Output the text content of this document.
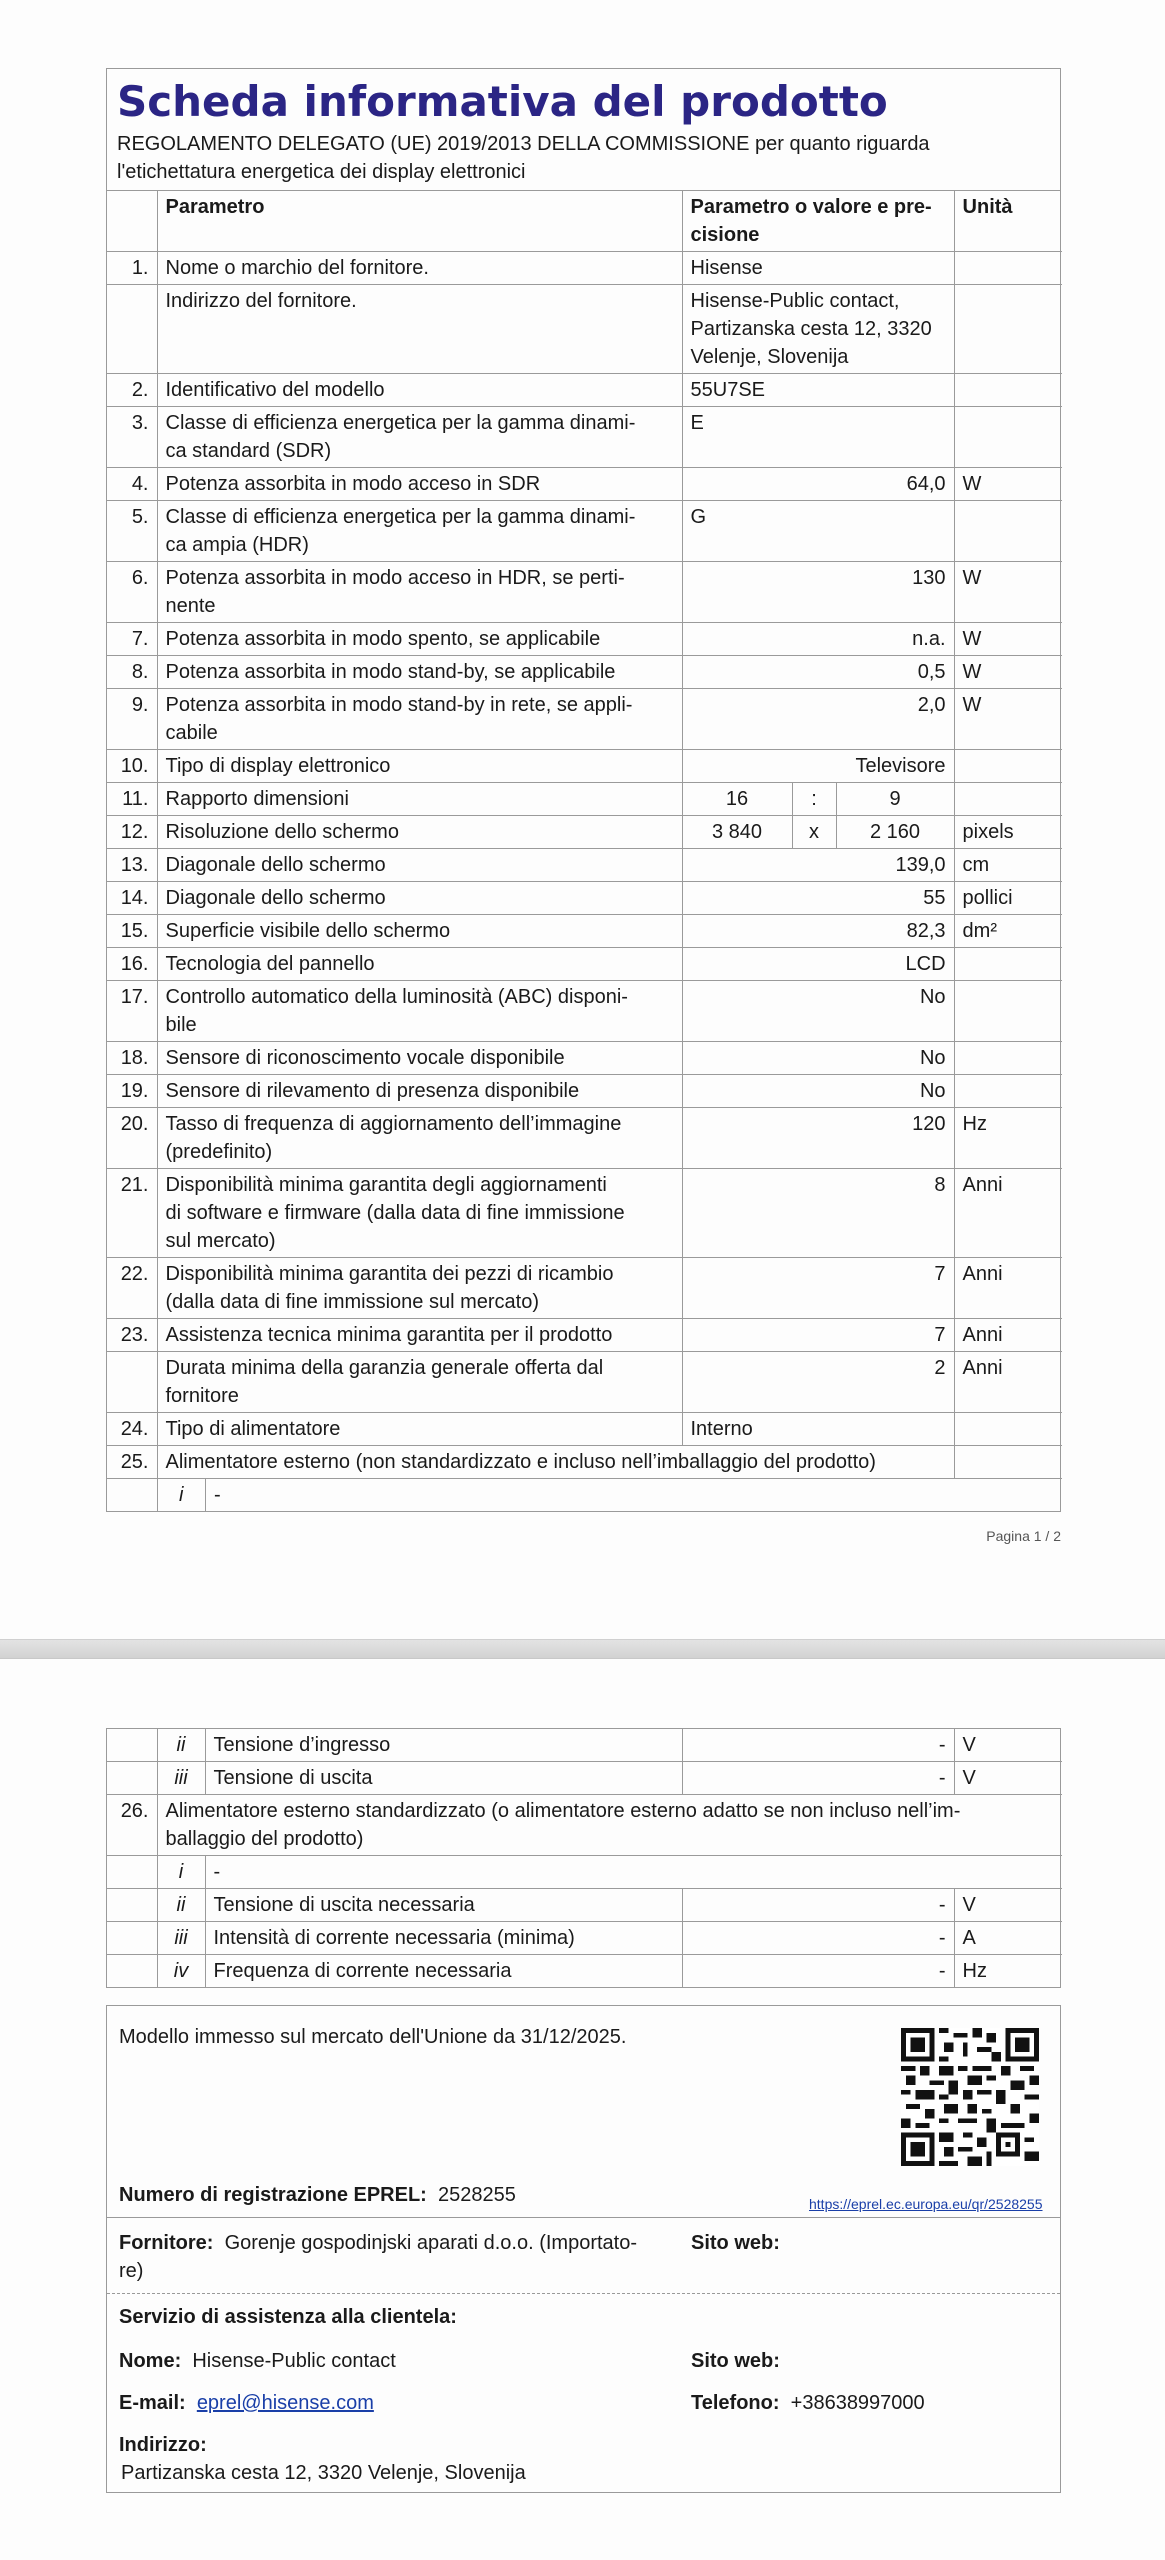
Scheda informativa del prodotto
REGOLAMENTO DELEGATO (UE) 2019/2013 DELLA COMMISSIONE per quanto riguarda
l'etichettatura energetica dei display elettronici
	Parametro	Parametro o valore e pre-
cisione
	Unità
1.	Nome o marchio del fornitore.	Hisense	
	Indirizzo del fornitore.	Hisense-Public contact,
Partizanska cesta 12, 3320
Velenje, Slovenija

2.	Identificativo del modello	55U7SE	
3.	Classe di efficienza energetica per la gamma dinami-
ca standard (SDR)
	E	
4.	Potenza assorbita in modo acceso in SDR	64,0	W
5.	Classe di efficienza energetica per la gamma dinami-
ca ampia (HDR)
	G	
6.	Potenza assorbita in modo acceso in HDR, se perti-
nente
	130	W
7.	Potenza assorbita in modo spento, se applicabile	n.a.	W
8.	Potenza assorbita in modo stand-by, se applicabile	0,5	W
9.	Potenza assorbita in modo stand-by in rete, se appli-
cabile
	2,0	W
10.	Tipo di display elettronico	Televisore	
11.	Rapporto dimensioni	16	:	9	
12.	Risoluzione dello schermo	3 840	x	2 160	pixels
13.	Diagonale dello schermo	139,0	cm
14.	Diagonale dello schermo	55	pollici
15.	Superficie visibile dello schermo	82,3	dm²
16.	Tecnologia del pannello	LCD	
17.	Controllo automatico della luminosità (ABC) disponi-
bile
	No	
18.	Sensore di riconoscimento vocale disponibile	No	
19.	Sensore di rilevamento di presenza disponibile	No	
20.	Tasso di frequenza di aggiornamento dell’immagine
(predefinito)
	120	Hz
21.	Disponibilità minima garantita degli aggiornamenti
di software e firmware (dalla data di fine immissione
sul mercato)
	8	Anni
22.	Disponibilità minima garantita dei pezzi di ricambio
(dalla data di fine immissione sul mercato)
	7	Anni
23.	Assistenza tecnica minima garantita per il prodotto	7	Anni

Durata minima della garanzia generale offerta dal
fornitore
	2	Anni
24.	Tipo di alimentatore	Interno	
25.	Alimentatore esterno (non standardizzato e incluso nell’imballaggio del prodotto)	

i	-
Pagina 1 / 2
	ii	Tensione d’ingresso	-	V
	iii	Tensione di uscita	-	V
26.	Alimentatore esterno standardizzato (o alimentatore esterno adatto se non incluso nell’im-
ballaggio del prodotto)			

	i	-		
	ii	Tensione di uscita necessaria	-	V
	iii	Intensità di corrente necessaria (minima)	-	A
	iv	Frequenza di corrente necessaria	-	Hz
Modello immesso sul mercato dell'Unione da 31/12/2025.
Numero di registrazione EPREL: 2528255	https://eprel.ec.europa.eu/qr/2528255
Fornitore: Gorenje gospodinjski aparati d.o.o. (Importato-
re)
Sito web:
Servizio di assistenza alla clientela:
Nome: Hisense-Public contact	Sito web:
E-mail: eprel@hisense.com	Telefono: +38638997000
Indirizzo:
Partizanska cesta 12, 3320 Velenje, Slovenija
